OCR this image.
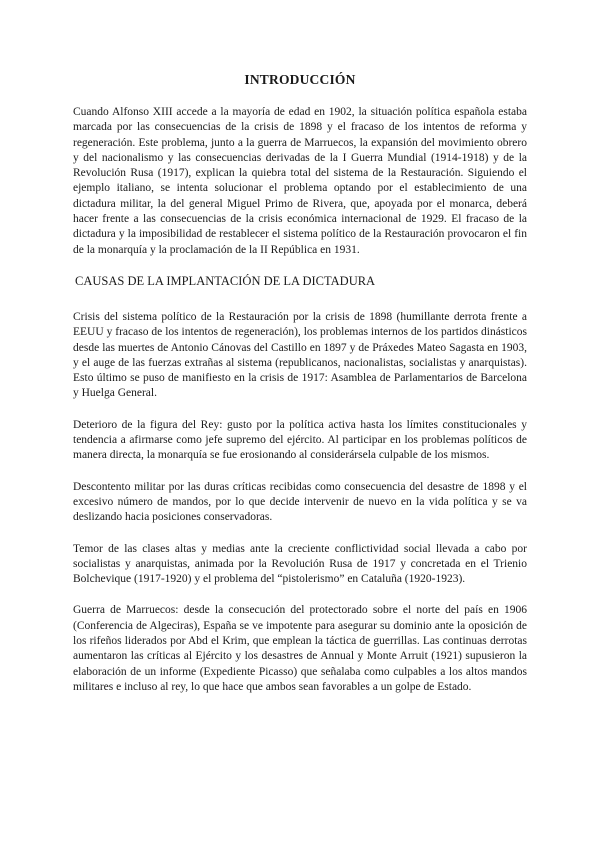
INTRODUCCIÓN

Cuando Alfonso XIII accede a la mayoría de edad en 1902, la situación política española estaba marcada por las consecuencias de la crisis de 1898 y el fracaso de los intentos de reforma y regeneración. Este problema, junto a la guerra de Marruecos, la expansión del movimiento obrero y del nacionalismo y las consecuencias derivadas de la I Guerra Mundial (1914-1918) y de la Revolución Rusa (1917), explican la quiebra total del sistema de la Restauración. Siguiendo el ejemplo italiano, se intenta solucionar el problema optando por el establecimiento de una dictadura militar, la del general Miguel Primo de Rivera, que, apoyada por el monarca, deberá hacer frente a las consecuencias de la crisis económica internacional de 1929. El fracaso de la dictadura y la imposibilidad de restablecer el sistema político de la Restauración provocaron el fin de la monarquía y la proclamación de la II República en 1931.

CAUSAS DE LA IMPLANTACIÓN DE LA DICTADURA

Crisis del sistema político de la Restauración por la crisis de 1898 (humillante derrota frente a EEUU y fracaso de los intentos de regeneración), los problemas internos de los partidos dinásticos desde las muertes de Antonio Cánovas del Castillo en 1897 y de Práxedes Mateo Sagasta en 1903, y el auge de las fuerzas extrañas al sistema (republicanos, nacionalistas, socialistas y anarquistas). Esto último se puso de manifiesto en la crisis de 1917: Asamblea de Parlamentarios de Barcelona y Huelga General.

Deterioro de la figura del Rey: gusto por la política activa hasta los límites constitucionales y tendencia a afirmarse como jefe supremo del ejército. Al participar en los problemas políticos de manera directa, la monarquía se fue erosionando al considerársela culpable de los mismos.

Descontento militar por las duras críticas recibidas como consecuencia del desastre de 1898 y el excesivo número de mandos, por lo que decide intervenir de nuevo en la vida política y se va deslizando hacia posiciones conservadoras.

Temor de las clases altas y medias ante la creciente conflictividad social llevada a cabo por socialistas y anarquistas, animada por la Revolución Rusa de 1917 y concretada en el Trienio Bolchevique (1917-1920) y el problema del “pistolerismo” en Cataluña (1920-1923).

Guerra de Marruecos: desde la consecución del protectorado sobre el norte del país en 1906 (Conferencia de Algeciras), España se ve impotente para asegurar su dominio ante la oposición de los rifeños liderados por Abd el Krim, que emplean la táctica de guerrillas. Las continuas derrotas aumentaron las críticas al Ejército y los desastres de Annual y Monte Arruit (1921) supusieron la elaboración de un informe (Expediente Picasso) que señalaba como culpables a los altos mandos militares e incluso al rey, lo que hace que ambos sean favorables a un golpe de Estado.
